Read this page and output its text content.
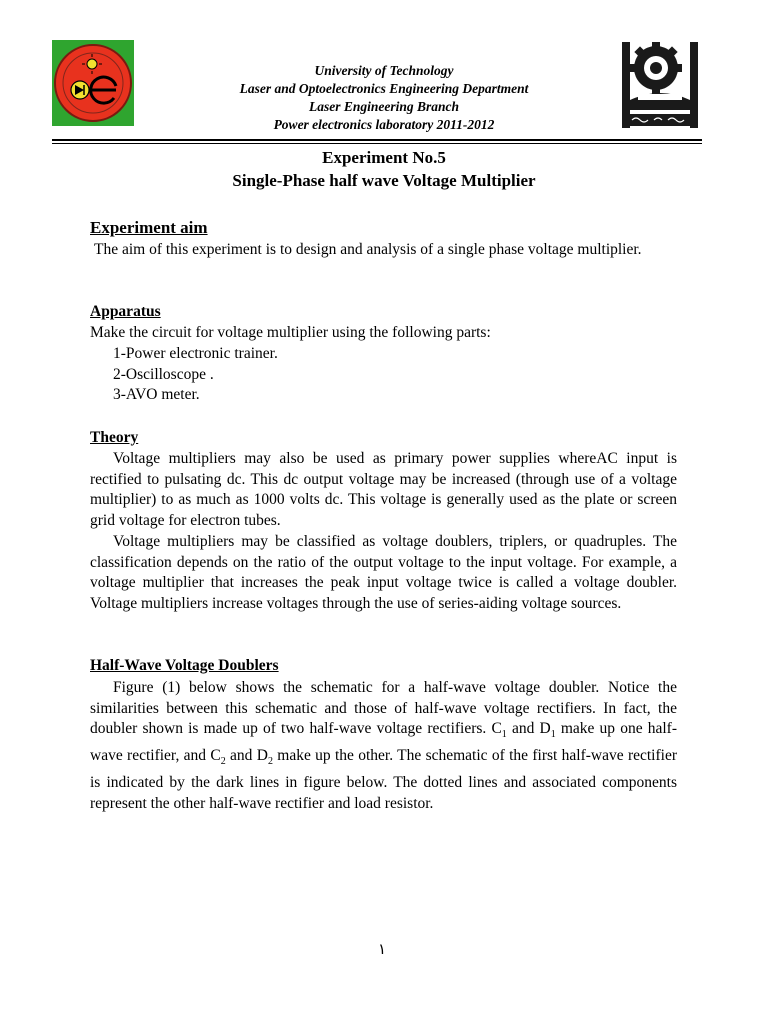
University of Technology
Laser and Optoelectronics Engineering Department
Laser Engineering Branch
Power electronics laboratory 2011-2012
Experiment No.5
Single-Phase half wave Voltage Multiplier
Experiment aim
The aim of this experiment is to design and analysis of a single phase voltage multiplier.
Apparatus
Make the circuit for voltage multiplier using the following parts:
1-Power electronic trainer.
2-Oscilloscope .
3-AVO meter.
Theory
Voltage multipliers may also be used as primary power supplies whereAC input is rectified to pulsating dc. This dc output voltage may be increased (through use of a voltage multiplier) to as much as 1000 volts dc. This voltage is generally used as the plate or screen grid voltage for electron tubes.
Voltage multipliers may be classified as voltage doublers, triplers, or quadruples. The classification depends on the ratio of the output voltage to the input voltage. For example, a voltage multiplier that increases the peak input voltage twice is called a voltage doubler. Voltage multipliers increase voltages through the use of series-aiding voltage sources.
Half-Wave Voltage Doublers
Figure (1) below shows the schematic for a half-wave voltage doubler. Notice the similarities between this schematic and those of half-wave voltage rectifiers. In fact, the doubler shown is made up of two half-wave voltage rectifiers. $C_1$ and $D_1$ make up one half-wave rectifier, and $C_2$ and $D_2$ make up the other. The schematic of the first half-wave rectifier is indicated by the dark lines in figure below. The dotted lines and associated components represent the other half-wave rectifier and load resistor.
١
